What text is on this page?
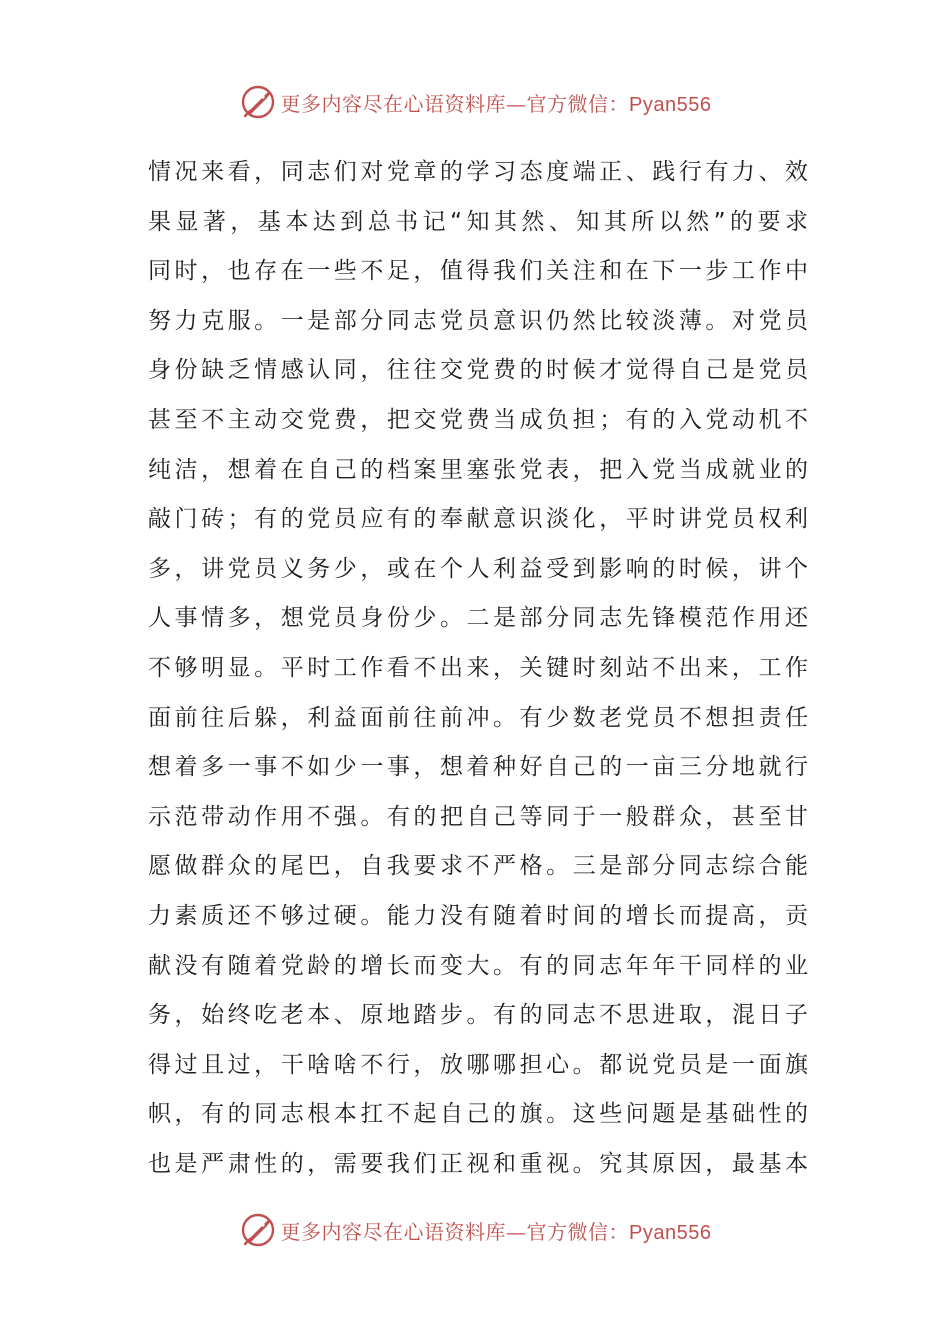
更多内容尽在心语资料库—官方微信：Pyan556
情况来看，同志们对党章的学习态度端正、践行有力、效
果显著，基本达到总书记“知其然、知其所以然”的要求
同时，也存在一些不足，值得我们关注和在下一步工作中
努力克服。一是部分同志党员意识仍然比较淡薄。对党员
身份缺乏情感认同，往往交党费的时候才觉得自己是党员
甚至不主动交党费，把交党费当成负担；有的入党动机不
纯洁，想着在自己的档案里塞张党表，把入党当成就业的
敲门砖；有的党员应有的奉献意识淡化，平时讲党员权利
多，讲党员义务少，或在个人利益受到影响的时候，讲个
人事情多，想党员身份少。二是部分同志先锋模范作用还
不够明显。平时工作看不出来，关键时刻站不出来，工作
面前往后躲，利益面前往前冲。有少数老党员不想担责任
想着多一事不如少一事，想着种好自己的一亩三分地就行
示范带动作用不强。有的把自己等同于一般群众，甚至甘
愿做群众的尾巴，自我要求不严格。三是部分同志综合能
力素质还不够过硬。能力没有随着时间的增长而提高，贡
献没有随着党龄的增长而变大。有的同志年年干同样的业
务，始终吃老本、原地踏步。有的同志不思进取，混日子
得过且过，干啥啥不行，放哪哪担心。都说党员是一面旗
帜，有的同志根本扛不起自己的旗。这些问题是基础性的
也是严肃性的，需要我们正视和重视。究其原因，最基本
更多内容尽在心语资料库—官方微信：Pyan556
